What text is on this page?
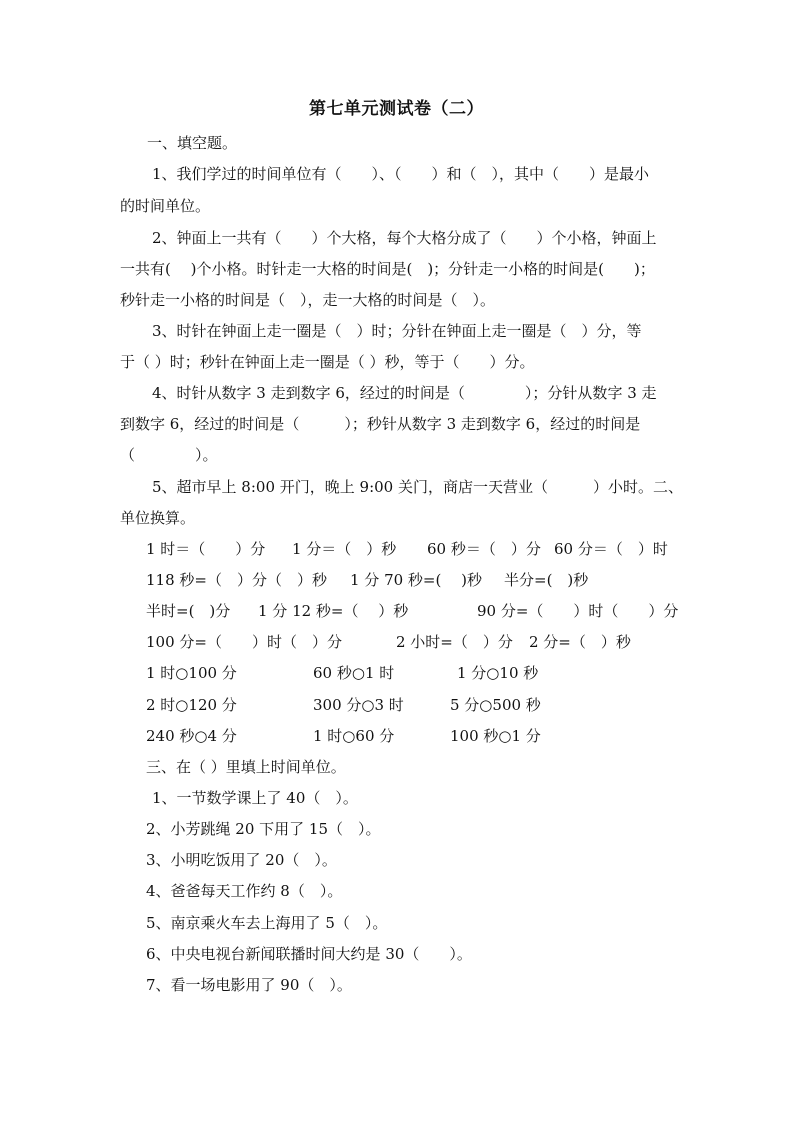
第七单元测试卷（二）
一、填空题。
1、我们学过的时间单位有（　　）、（　　）和（　），其中（　　）是最小
的时间单位。
2、钟面上一共有（　　）个大格，每个大格分成了（　　）个小格，钟面上
一共有(　 )个小格。时针走一大格的时间是(　)；分针走一小格的时间是(　　)；
秒针走一小格的时间是（　），走一大格的时间是（　）。
3、时针在钟面上走一圈是（　）时；分针在钟面上走一圈是（　）分，等
于（ ）时；秒针在钟面上走一圈是（ ）秒，等于（　　）分。
4、时针从数字 3 走到数字 6，经过的时间是（　　　　）；分针从数字 3 走
到数字 6，经过的时间是（　　　）；秒针从数字 3 走到数字 6，经过的时间是
（　　　　）。
5、超市早上 8:00 开门，晚上 9:00 关门，商店一天营业（　　　）小时。二、
单位换算。
1 时＝（　　）分 1 分＝（　）秒 60 秒＝（　）分 60 分＝（　）时
118 秒=（　）分（　）秒 1 分 70 秒=(　 )秒 半分=(　)秒
半时=(　)分 1 分 12 秒=（　 ）秒	90 分=（　　）时（　　）分
100 分=（　　）时（　）分	2 小时=（　）分 2 分=（　）秒
1 时○100 分	60 秒○1 时	1 分○10 秒
2 时○120 分	300 分○3 时	5 分○500 秒
240 秒○4 分	1 时○60 分	100 秒○1 分
三、在（ ）里填上时间单位。
1、一节数学课上了 40（　）。
2、小芳跳绳 20 下用了 15（　）。
3、小明吃饭用了 20（　）。
4、爸爸每天工作约 8（　）。
5、南京乘火车去上海用了 5（　）。
6、中央电视台新闻联播时间大约是 30（　　）。
7、看一场电影用了 90（　）。
